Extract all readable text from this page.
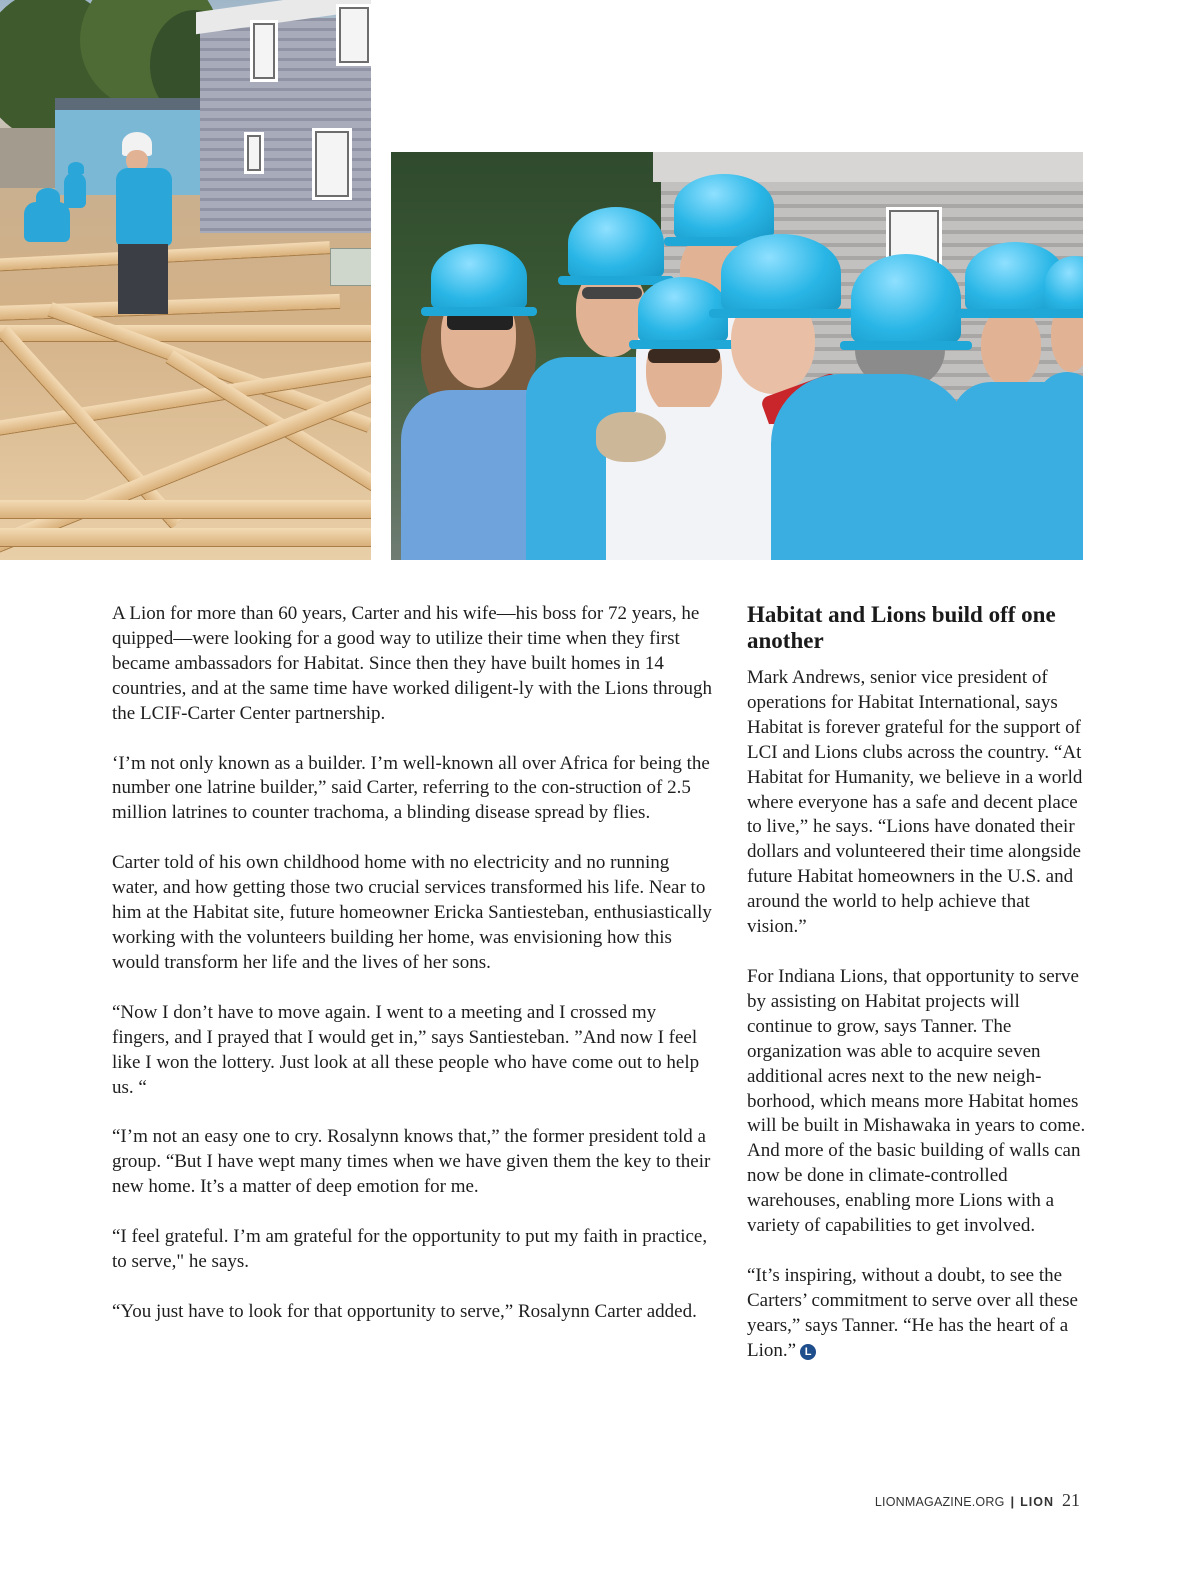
A Lion for more than 60 years, Carter and his wife—his boss for 72 years, he quipped—were looking for a good way to utilize their time when they first became ambassadors for Habitat. Since then they have built homes in 14 countries, and at the same time have worked diligent-ly with the Lions through the LCIF-Carter Center partnership.

‘I’m not only known as a builder. I’m well-known all over Africa for being the number one latrine builder,” said Carter, referring to the con-struction of 2.5 million latrines to counter trachoma, a blinding disease spread by flies.

Carter told of his own childhood home with no electricity and no running water, and how getting those two crucial services transformed his life. Near to him at the Habitat site, future homeowner Ericka Santiesteban, enthusiastically working with the volunteers building her home, was envisioning how this would transform her life and the lives of her sons.

“Now I don’t have to move again. I went to a meeting and I crossed my fingers, and I prayed that I would get in,” says Santiesteban. ”And now I feel like I won the lottery. Just look at all these people who have come out to help us. “

“I’m not an easy one to cry. Rosalynn knows that,” the former president told a group. “But I have wept many times when we have given them the key to their new home. It’s a matter of deep emotion for me.

“I feel grateful. I’m am grateful for the opportunity to put my faith in practice, to serve," he says.

“You just have to look for that opportunity to serve,” Rosalynn Carter added.

Habitat and Lions build off one another

Mark Andrews, senior vice president of operations for Habitat International, says Habitat is forever grateful for the support of LCI and Lions clubs across the country. “At Habitat for Humanity, we believe in a world where everyone has a safe and decent place to live,” he says. “Lions have donated their dollars and volunteered their time alongside future Habitat homeowners in the U.S. and around the world to help achieve that vision.”

For Indiana Lions, that opportunity to serve by assisting on Habitat projects will continue to grow, says Tanner. The organization was able to acquire seven additional acres next to the new neigh-borhood, which means more Habitat homes will be built in Mishawaka in years to come. And more of the basic building of walls can now be done in climate-controlled warehouses, enabling more Lions with a variety of capabilities to get involved.

“It’s inspiring, without a doubt, to see the Carters’ commitment to serve over all these years,” says Tanner. “He has the heart of a Lion.” L

LIONMAGAZINE.ORG | LION 21
